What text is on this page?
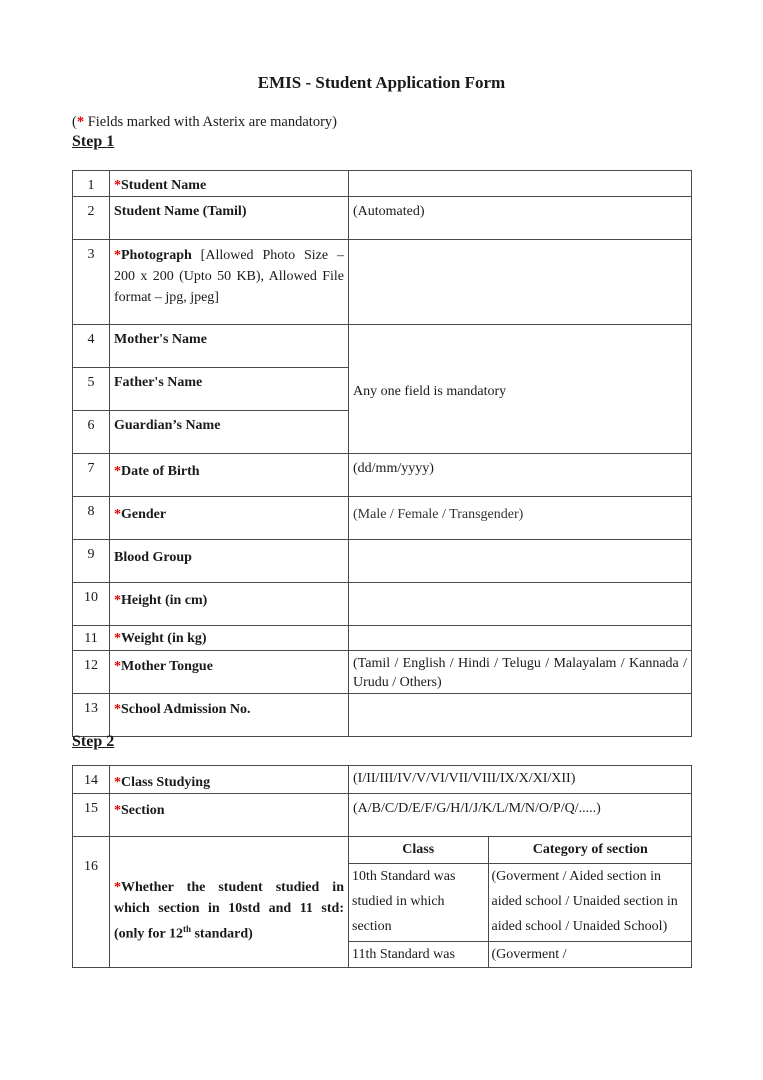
EMIS - Student Application Form
(* Fields marked with Asterix are mandatory)
Step 1
1	*Student Name	
2	Student Name (Tamil)	(Automated)
3	*Photograph [Allowed Photo Size – 200 x 200 (Upto 50 KB), Allowed File format – jpg, jpeg]	
4	Mother's Name	Any one field is mandatory
5	Father's Name	
6	Guardian’s Name	
7	*Date of Birth	(dd/mm/yyyy)
8	*Gender	(Male / Female / Transgender)
9	Blood Group	
10	*Height (in cm)	
11	*Weight (in kg)	
12	*Mother Tongue	(Tamil / English / Hindi / Telugu / Malayalam / Kannada / Urudu / Others)
13	*School Admission No.	
Step 2
14	*Class Studying	(I/II/III/IV/V/VI/VII/VIII/IX/X/XI/XII)
15	*Section	(A/B/C/D/E/F/G/H/I/J/K/L/M/N/O/P/Q/.....)
16	*Whether the student studied in which section in 10std and 11 std: (only for 12th standard)	
Class	Category of section
10th Standard was studied in which section	(Goverment / Aided section in aided school / Unaided section in aided school / Unaided School)
11th Standard was	(Goverment /
